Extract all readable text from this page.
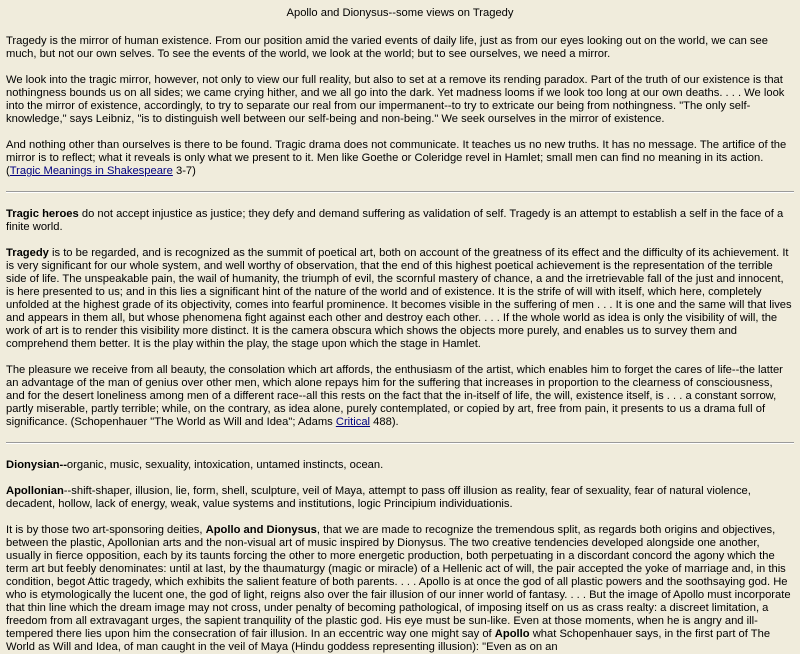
Apollo and Dionysus--some views on Tragedy

Tragedy is the mirror of human existence. From our position amid the varied events of daily life, just as from our eyes looking out on the world, we can see much, but not our own selves. To see the events of the world, we look at the world; but to see ourselves, we need a mirror.

We look into the tragic mirror, however, not only to view our full reality, but also to set at a remove its rending paradox. Part of the truth of our existence is that nothingness bounds us on all sides; we came crying hither, and we all go into the dark. Yet madness looms if we look too long at our own deaths. . . . We look into the mirror of existence, accordingly, to try to separate our real from our impermanent--to try to extricate our being from nothingness. "The only self-knowledge," says Leibniz, "is to distinguish well between our self-being and non-being." We seek ourselves in the mirror of existence.

And nothing other than ourselves is there to be found. Tragic drama does not communicate. It teaches us no new truths. It has no message. The artifice of the mirror is to reflect; what it reveals is only what we present to it. Men like Goethe or Coleridge revel in Hamlet; small men can find no meaning in its action. (Tragic Meanings in Shakespeare 3-7)

Tragic heroes do not accept injustice as justice; they defy and demand suffering as validation of self. Tragedy is an attempt to establish a self in the face of a finite world.

Tragedy is to be regarded, and is recognized as the summit of poetical art, both on account of the greatness of its effect and the difficulty of its achievement. It is very significant for our whole system, and well worthy of observation, that the end of this highest poetical achievement is the representation of the terrible side of life. The unspeakable pain, the wail of humanity, the triumph of evil, the scornful mastery of chance, a and the irretrievable fall of the just and innocent, is here presented to us; and in this lies a significant hint of the nature of the world and of existence. It is the strife of will with itself, which here, completely unfolded at the highest grade of its objectivity, comes into fearful prominence. It becomes visible in the suffering of men . . . It is one and the same will that lives and appears in them all, but whose phenomena fight against each other and destroy each other. . . . If the whole world as idea is only the visibility of will, the work of art is to render this visibility more distinct. It is the camera obscura which shows the objects more purely, and enables us to survey them and comprehend them better. It is the play within the play, the stage upon which the stage in Hamlet.

The pleasure we receive from all beauty, the consolation which art affords, the enthusiasm of the artist, which enables him to forget the cares of life--the latter an advantage of the man of genius over other men, which alone repays him for the suffering that increases in proportion to the clearness of consciousness, and for the desert loneliness among men of a different race--all this rests on the fact that the in-itself of life, the will, existence itself, is . . . a constant sorrow, partly miserable, partly terrible; while, on the contrary, as idea alone, purely contemplated, or copied by art, free from pain, it presents to us a drama full of significance. (Schopenhauer "The World as Will and Idea"; Adams Critical 488).

Dionysian--organic, music, sexuality, intoxication, untamed instincts, ocean.

Apollonian--shift-shaper, illusion, lie, form, shell, sculpture, veil of Maya, attempt to pass off illusion as reality, fear of sexuality, fear of natural violence, decadent, hollow, lack of energy, weak, value systems and institutions, logic Principium individuationis.

It is by those two art-sponsoring deities, Apollo and Dionysus, that we are made to recognize the tremendous split, as regards both origins and objectives, between the plastic, Apollonian arts and the non-visual art of music inspired by Dionysus. The two creative tendencies developed alongside one another, usually in fierce opposition, each by its taunts forcing the other to more energetic production, both perpetuating in a discordant concord the agony which the term art but feebly denominates: until at last, by the thaumaturgy (magic or miracle) of a Hellenic act of will, the pair accepted the yoke of marriage and, in this condition, begot Attic tragedy, which exhibits the salient feature of both parents. . . . Apollo is at once the god of all plastic powers and the soothsaying god. He who is etymologically the lucent one, the god of light, reigns also over the fair illusion of our inner world of fantasy. . . . But the image of Apollo must incorporate that thin line which the dream image may not cross, under penalty of becoming pathological, of imposing itself on us as crass realty: a discreet limitation, a freedom from all extravagant urges, the sapient tranquility of the plastic god. His eye must be sun-like. Even at those moments, when he is angry and ill-tempered there lies upon him the consecration of fair illusion. In an eccentric way one might say of Apollo what Schopenhauer says, in the first part of The World as Will and Idea, of man caught in the veil of Maya (Hindu goddess representing illusion): "Even as on an
